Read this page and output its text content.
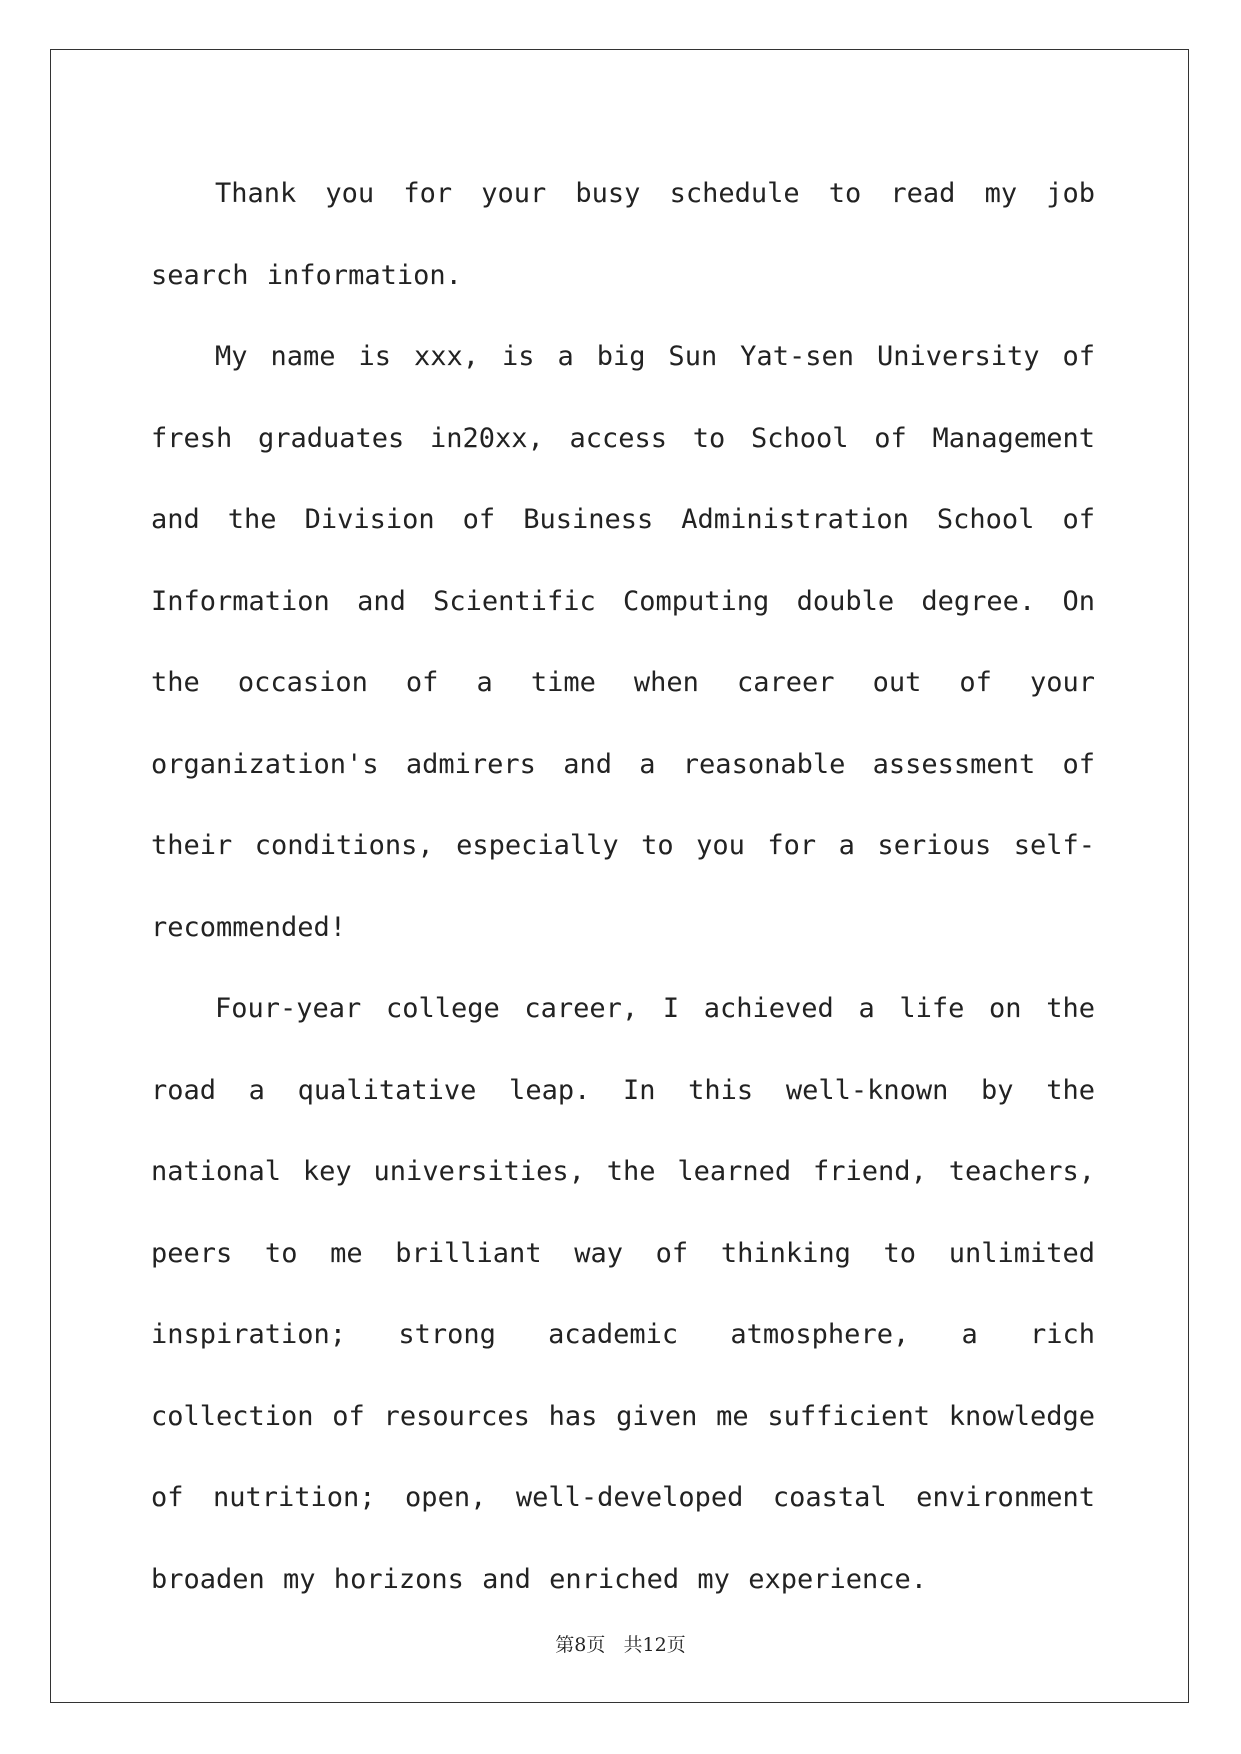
Thank you for your busy schedule to read my job search information.

My name is xxx, is a big Sun Yat-sen University of fresh graduates in20xx, access to School of Management and the Division of Business Administration School of Information and Scientific Computing double degree. On the occasion of a time when career out of your organization's admirers and a reasonable assessment of their conditions, especially to you for a serious self-recommended!

Four-year college career, I achieved a life on the road a qualitative leap. In this well-known by the national key universities, the learned friend, teachers, peers to me brilliant way of thinking to unlimited inspiration; strong academic atmosphere, a rich collection of resources has given me sufficient knowledge of nutrition; open, well-developed coastal environment broaden my horizons and enriched my experience.

第8页 共12页
